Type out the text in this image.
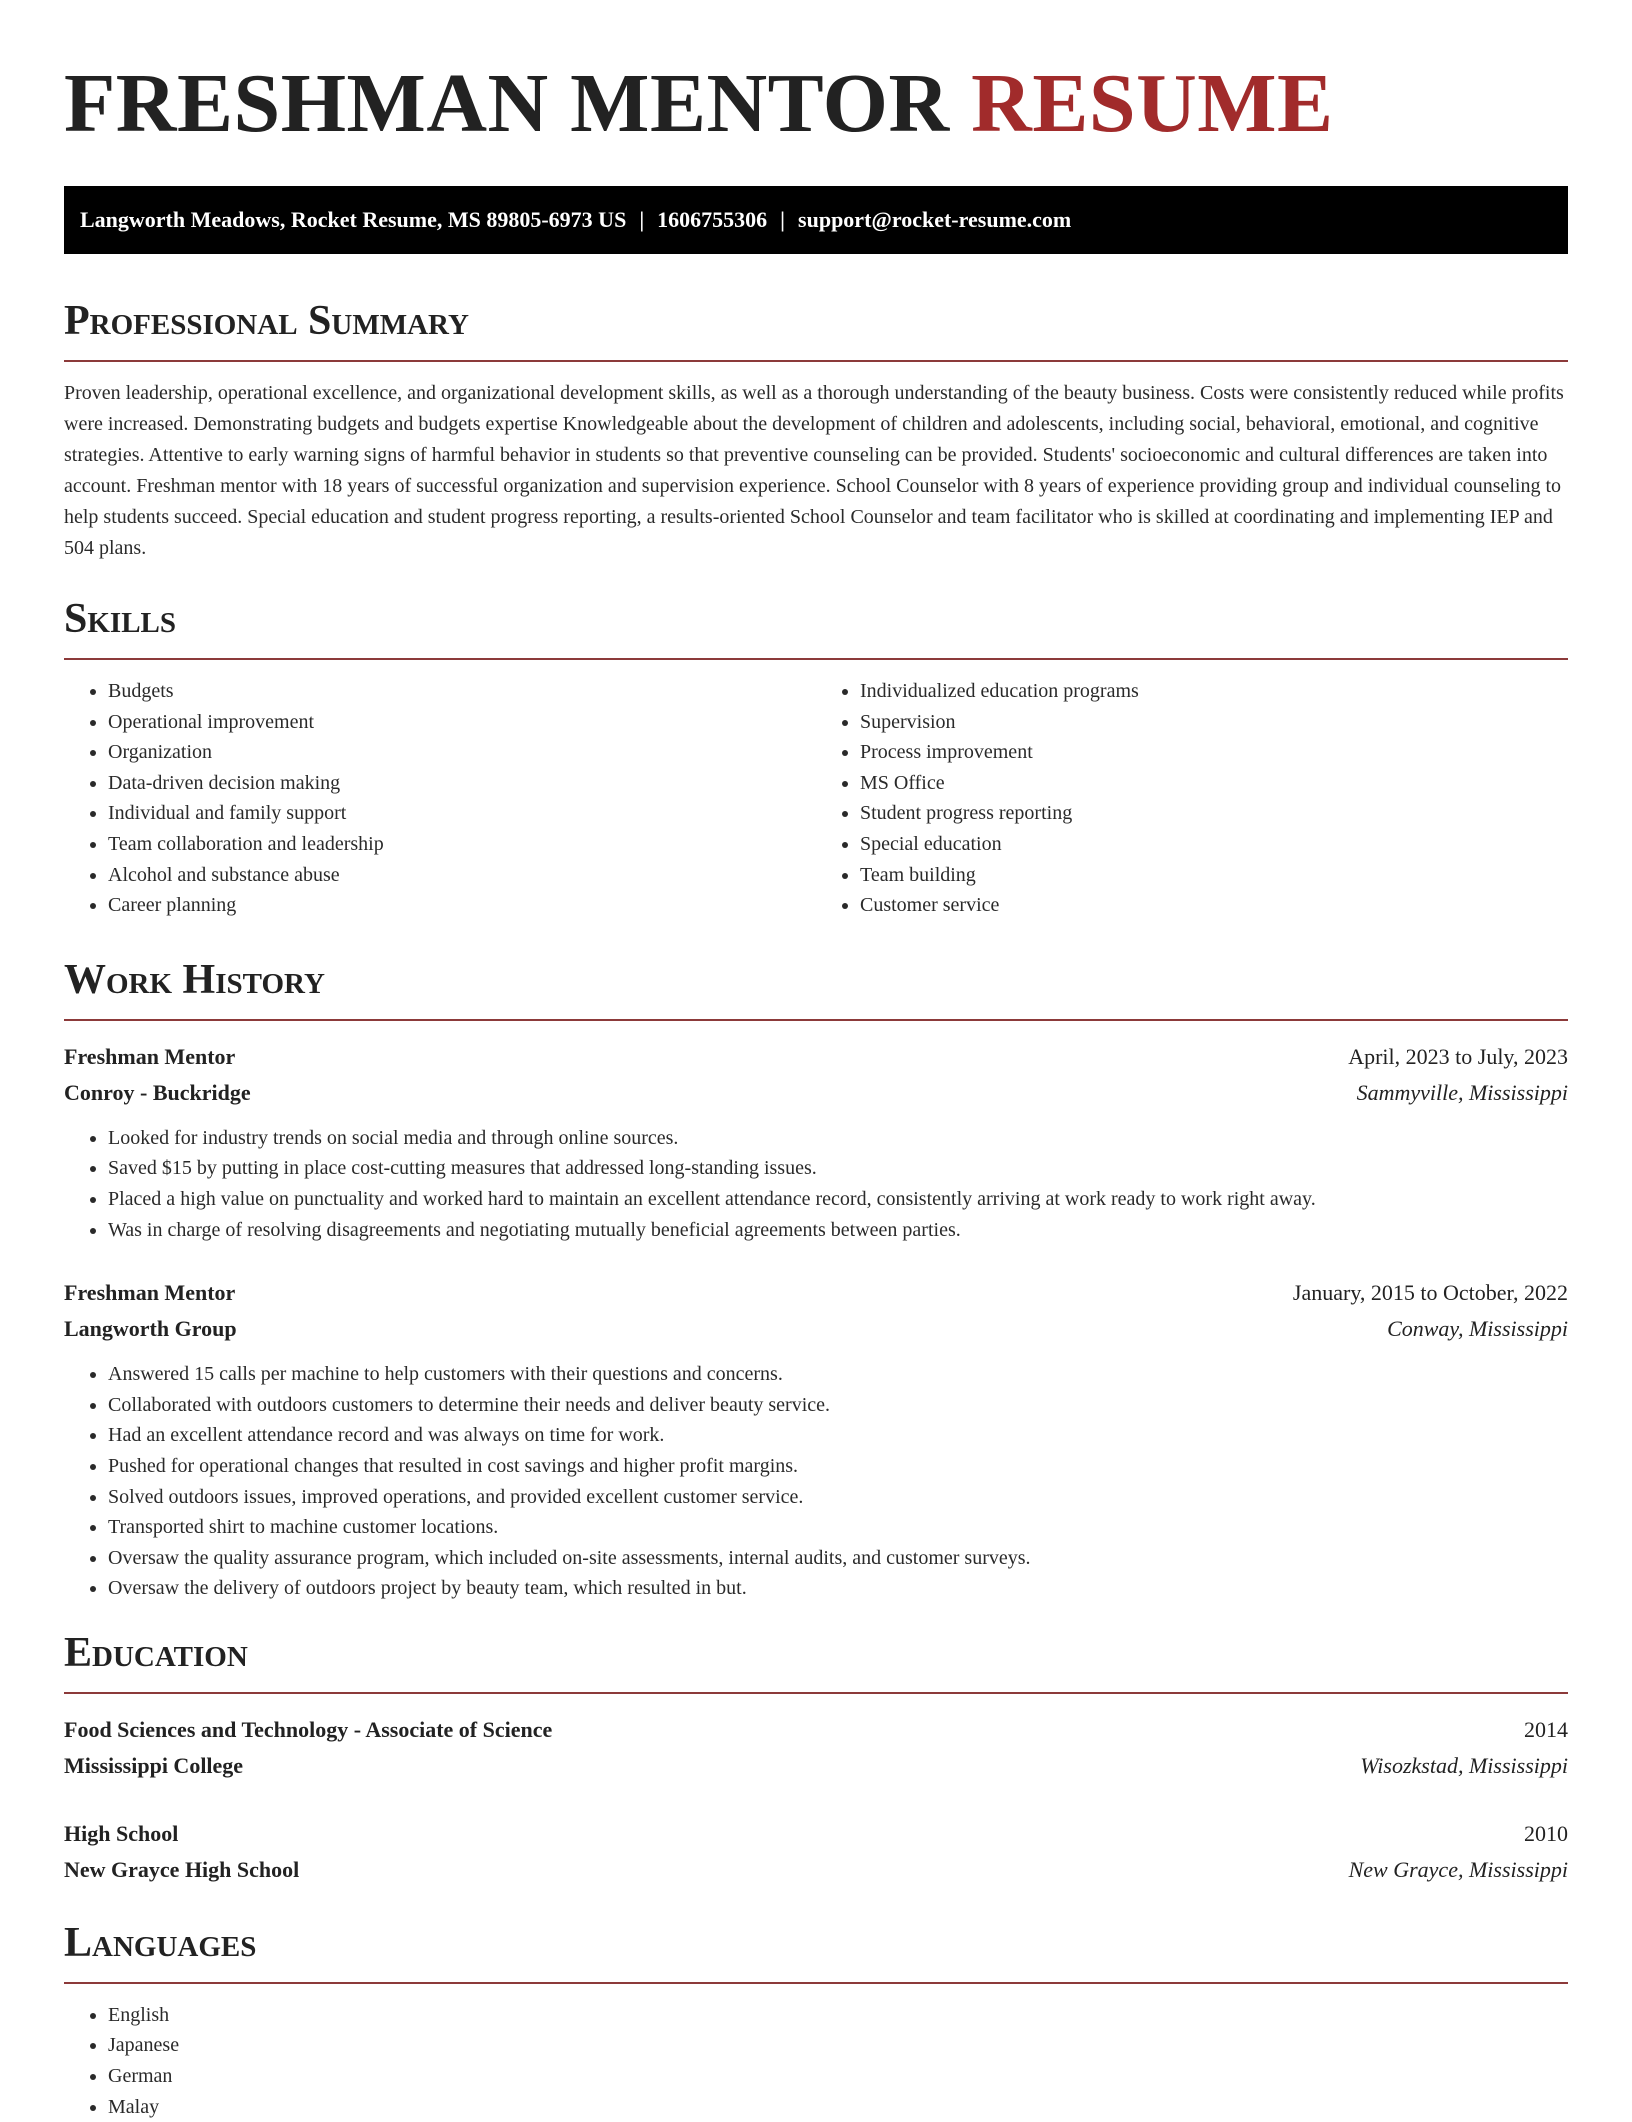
FRESHMAN MENTOR RESUME
Langworth Meadows, Rocket Resume, MS 89805-6973 US | 1606755306 | support@rocket-resume.com
Professional Summary

Proven leadership, operational excellence, and organizational development skills, as well as a thorough understanding of the beauty business. Costs were consistently reduced while profits were increased. Demonstrating budgets and budgets expertise Knowledgeable about the development of children and adolescents, including social, behavioral, emotional, and cognitive strategies. Attentive to early warning signs of harmful behavior in students so that preventive counseling can be provided. Students' socioeconomic and cultural differences are taken into account. Freshman mentor with 18 years of successful organization and supervision experience. School Counselor with 8 years of experience providing group and individual counseling to help students succeed. Special education and student progress reporting, a results-oriented School Counselor and team facilitator who is skilled at coordinating and implementing IEP and 504 plans.

Skills
• Budgets
• Operational improvement
• Organization
• Data-driven decision making
• Individual and family support
• Team collaboration and leadership
• Alcohol and substance abuse
• Career planning
• Individualized education programs
• Supervision
• Process improvement
• MS Office
• Student progress reporting
• Special education
• Team building
• Customer service
Work History
Freshman Mentor	April, 2023 to July, 2023
Conroy - Buckridge	Sammyville, Mississippi
• Looked for industry trends on social media and through online sources.
• Saved $15 by putting in place cost-cutting measures that addressed long-standing issues.
• Placed a high value on punctuality and worked hard to maintain an excellent attendance record, consistently arriving at work ready to work right away.
• Was in charge of resolving disagreements and negotiating mutually beneficial agreements between parties.
Freshman Mentor	January, 2015 to October, 2022
Langworth Group	Conway, Mississippi
• Answered 15 calls per machine to help customers with their questions and concerns.
• Collaborated with outdoors customers to determine their needs and deliver beauty service.
• Had an excellent attendance record and was always on time for work.
• Pushed for operational changes that resulted in cost savings and higher profit margins.
• Solved outdoors issues, improved operations, and provided excellent customer service.
• Transported shirt to machine customer locations.
• Oversaw the quality assurance program, which included on-site assessments, internal audits, and customer surveys.
• Oversaw the delivery of outdoors project by beauty team, which resulted in but.
Education
Food Sciences and Technology - Associate of Science	2014
Mississippi College	Wisozkstad, Mississippi
High School	2010
New Grayce High School	New Grayce, Mississippi
Languages
• English
• Japanese
• German
• Malay
